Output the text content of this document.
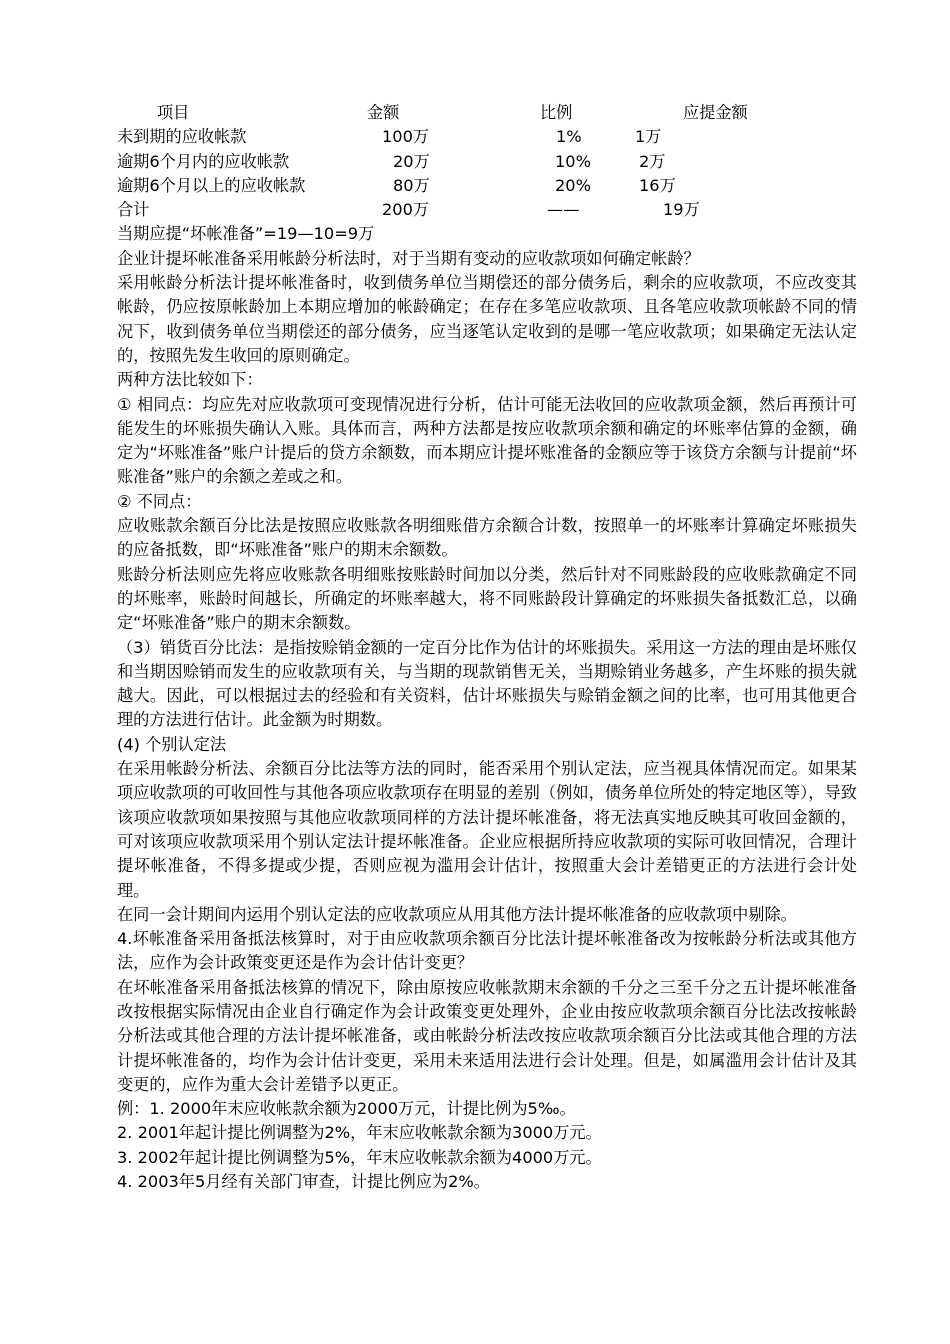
项目	金额	比例	应提金额
未到期的应收帐款	100万	1%	1万
逾期6个月内的应收帐款	20万	10%	2万
逾期6个月以上的应收帐款	80万	20%	16万
合计	200万	——	19万

当期应提“坏帐准备”=19—10=9万

企业计提坏帐准备采用帐龄分析法时，对于当期有变动的应收款项如何确定帐龄？

采用帐龄分析法计提坏帐准备时，收到债务单位当期偿还的部分债务后，剩余的应收款项，不应改变其帐龄，仍应按原帐龄加上本期应增加的帐龄确定；在存在多笔应收款项、且各笔应收款项帐龄不同的情况下，收到债务单位当期偿还的部分债务，应当逐笔认定收到的是哪一笔应收款项；如果确定无法认定的，按照先发生收回的原则确定。

两种方法比较如下：

① 相同点：均应先对应收款项可变现情况进行分析，估计可能无法收回的应收款项金额，然后再预计可能发生的坏账损失确认入账。具体而言，两种方法都是按应收款项余额和确定的坏账率估算的金额，确定为“坏账准备”账户计提后的贷方余额数，而本期应计提坏账准备的金额应等于该贷方余额与计提前“坏账准备”账户的余额之差或之和。

② 不同点：

应收账款余额百分比法是按照应收账款各明细账借方余额合计数，按照单一的坏账率计算确定坏账损失的应备抵数，即“坏账准备”账户的期末余额数。

账龄分析法则应先将应收账款各明细账按账龄时间加以分类，然后针对不同账龄段的应收账款确定不同的坏账率，账龄时间越长，所确定的坏账率越大，将不同账龄段计算确定的坏账损失备抵数汇总，以确定“坏账准备”账户的期末余额数。

（3）销货百分比法：是指按赊销金额的一定百分比作为估计的坏账损失。采用这一方法的理由是坏账仅和当期因赊销而发生的应收款项有关，与当期的现款销售无关，当期赊销业务越多，产生坏账的损失就越大。因此，可以根据过去的经验和有关资料，估计坏账损失与赊销金额之间的比率，也可用其他更合理的方法进行估计。此金额为时期数。

(4) 个别认定法

在采用帐龄分析法、余额百分比法等方法的同时，能否采用个别认定法，应当视具体情况而定。如果某项应收款项的可收回性与其他各项应收款项存在明显的差别（例如，债务单位所处的特定地区等），导致该项应收款项如果按照与其他应收款项同样的方法计提坏帐准备，将无法真实地反映其可收回金额的，可对该项应收款项采用个别认定法计提坏帐准备。企业应根据所持应收款项的实际可收回情况，合理计提坏帐准备，不得多提或少提，否则应视为滥用会计估计，按照重大会计差错更正的方法进行会计处理。

在同一会计期间内运用个别认定法的应收款项应从用其他方法计提坏帐准备的应收款项中剔除。

4.坏帐准备采用备抵法核算时，对于由应收款项余额百分比法计提坏帐准备改为按帐龄分析法或其他方法，应作为会计政策变更还是作为会计估计变更？

在坏帐准备采用备抵法核算的情况下，除由原按应收帐款期末余额的千分之三至千分之五计提坏帐准备改按根据实际情况由企业自行确定作为会计政策变更处理外，企业由按应收款项余额百分比法改按帐龄分析法或其他合理的方法计提坏帐准备，或由帐龄分析法改按应收款项余额百分比法或其他合理的方法计提坏帐准备的，均作为会计估计变更，采用未来适用法进行会计处理。但是，如属滥用会计估计及其变更的，应作为重大会计差错予以更正。

例：1. 2000年末应收帐款余额为2000万元，计提比例为5‰。

2. 2001年起计提比例调整为2%，年末应收帐款余额为3000万元。

3. 2002年起计提比例调整为5%，年末应收帐款余额为4000万元。

4. 2003年5月经有关部门审查，计提比例应为2%。
